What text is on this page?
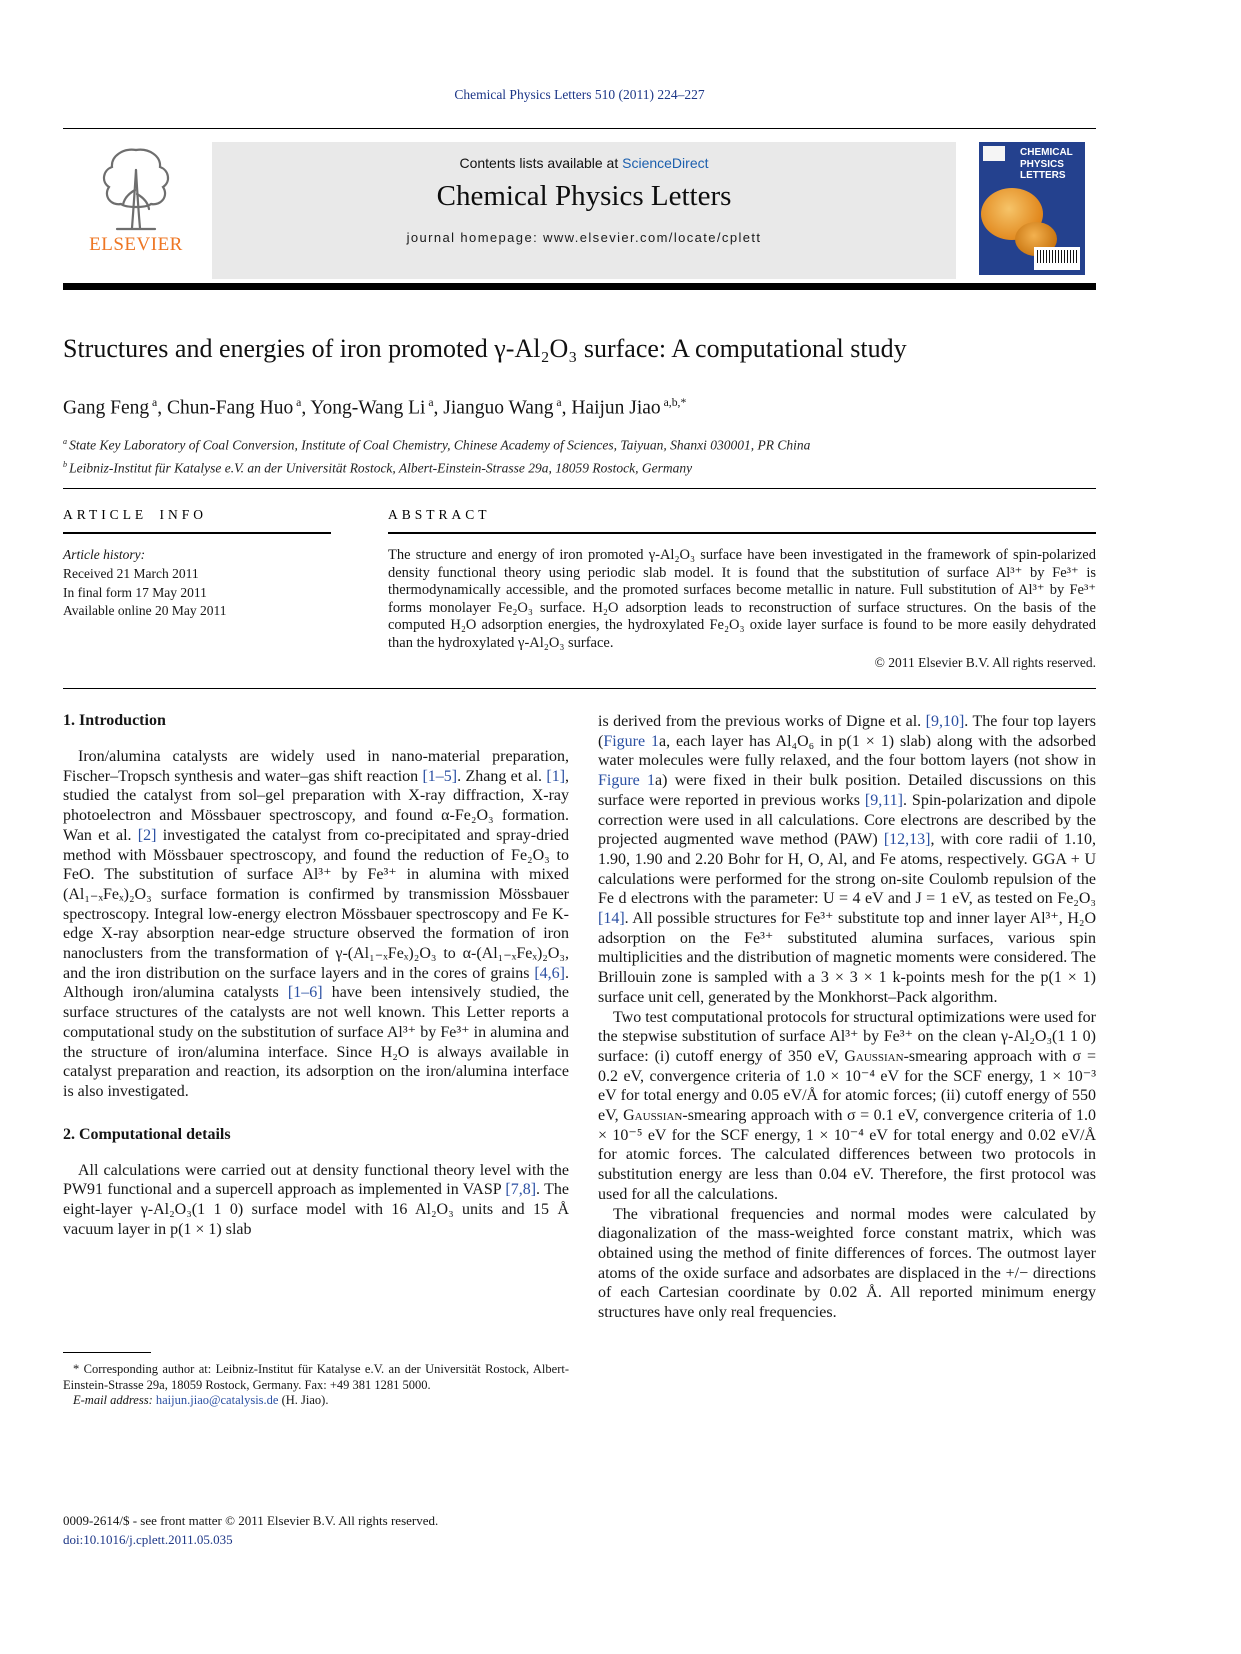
Chemical Physics Letters 510 (2011) 224–227
ELSEVIER
Contents lists available at ScienceDirect
Chemical Physics Letters
journal homepage: www.elsevier.com/locate/cplett
CHEMICAL PHYSICS LETTERS
Structures and energies of iron promoted γ-Al₂O₃ surface: A computational study
Gang Feng $^a$, Chun-Fang Huo $^a$, Yong-Wang Li $^a$, Jianguo Wang $^a$, Haijun Jiao $^{a,b,*}$
$^a$ State Key Laboratory of Coal Conversion, Institute of Coal Chemistry, Chinese Academy of Sciences, Taiyuan, Shanxi 030001, PR China
$^b$ Leibniz-Institut für Katalyse e.V. an der Universität Rostock, Albert-Einstein-Strasse 29a, 18059 Rostock, Germany
ARTICLE INFO
Article history:
Received 21 March 2011
In final form 17 May 2011
Available online 20 May 2011
ABSTRACT

The structure and energy of iron promoted γ-Al₂O₃ surface have been investigated in the framework of spin-polarized density functional theory using periodic slab model. It is found that the substitution of surface Al³⁺ by Fe³⁺ is thermodynamically accessible, and the promoted surfaces become metallic in nature. Full substitution of Al³⁺ by Fe³⁺ forms monolayer Fe₂O₃ surface. H₂O adsorption leads to reconstruction of surface structures. On the basis of the computed H₂O adsorption energies, the hydroxylated Fe₂O₃ oxide layer surface is found to be more easily dehydrated than the hydroxylated γ-Al₂O₃ surface.

© 2011 Elsevier B.V. All rights reserved.
1. Introduction

Iron/alumina catalysts are widely used in nano-material preparation, Fischer–Tropsch synthesis and water–gas shift reaction [1–5]. Zhang et al. [1], studied the catalyst from sol–gel preparation with X-ray diffraction, X-ray photoelectron and Mössbauer spectroscopy, and found α-Fe₂O₃ formation. Wan et al. [2] investigated the catalyst from co-precipitated and spray-dried method with Mössbauer spectroscopy, and found the reduction of Fe₂O₃ to FeO. The substitution of surface Al³⁺ by Fe³⁺ in alumina with mixed (Al₁₋ₓFeₓ)₂O₃ surface formation is confirmed by transmission Mössbauer spectroscopy. Integral low-energy electron Mössbauer spectroscopy and Fe K-edge X-ray absorption near-edge structure observed the formation of iron nanoclusters from the transformation of γ-(Al₁₋ₓFeₓ)₂O₃ to α-(Al₁₋ₓFeₓ)₂O₃, and the iron distribution on the surface layers and in the cores of grains [4,6]. Although iron/alumina catalysts [1–6] have been intensively studied, the surface structures of the catalysts are not well known. This Letter reports a computational study on the substitution of surface Al³⁺ by Fe³⁺ in alumina and the structure of iron/alumina interface. Since H₂O is always available in catalyst preparation and reaction, its adsorption on the iron/alumina interface is also investigated.

2. Computational details

All calculations were carried out at density functional theory level with the PW91 functional and a supercell approach as implemented in VASP [7,8]. The eight-layer γ-Al₂O₃(1 1 0) surface model with 16 Al₂O₃ units and 15 Å vacuum layer in p(1 × 1) slab

is derived from the previous works of Digne et al. [9,10]. The four top layers (Figure 1a, each layer has Al₄O₆ in p(1 × 1) slab) along with the adsorbed water molecules were fully relaxed, and the four bottom layers (not show in Figure 1a) were fixed in their bulk position. Detailed discussions on this surface were reported in previous works [9,11]. Spin-polarization and dipole correction were used in all calculations. Core electrons are described by the projected augmented wave method (PAW) [12,13], with core radii of 1.10, 1.90, 1.90 and 2.20 Bohr for H, O, Al, and Fe atoms, respectively. GGA + U calculations were performed for the strong on-site Coulomb repulsion of the Fe d electrons with the parameter: U = 4 eV and J = 1 eV, as tested on Fe₂O₃ [14]. All possible structures for Fe³⁺ substitute top and inner layer Al³⁺, H₂O adsorption on the Fe³⁺ substituted alumina surfaces, various spin multiplicities and the distribution of magnetic moments were considered. The Brillouin zone is sampled with a 3 × 3 × 1 k-points mesh for the p(1 × 1) surface unit cell, generated by the Monkhorst–Pack algorithm.

Two test computational protocols for structural optimizations were used for the stepwise substitution of surface Al³⁺ by Fe³⁺ on the clean γ-Al₂O₃(1 1 0) surface: (i) cutoff energy of 350 eV, Gaussian-smearing approach with σ = 0.2 eV, convergence criteria of 1.0 × 10⁻⁴ eV for the SCF energy, 1 × 10⁻³ eV for total energy and 0.05 eV/Å for atomic forces; (ii) cutoff energy of 550 eV, Gaussian-smearing approach with σ = 0.1 eV, convergence criteria of 1.0 × 10⁻⁵ eV for the SCF energy, 1 × 10⁻⁴ eV for total energy and 0.02 eV/Å for atomic forces. The calculated differences between two protocols in substitution energy are less than 0.04 eV. Therefore, the first protocol was used for all the calculations.

The vibrational frequencies and normal modes were calculated by diagonalization of the mass-weighted force constant matrix, which was obtained using the method of finite differences of forces. The outmost layer atoms of the oxide surface and adsorbates are displaced in the +/− directions of each Cartesian coordinate by 0.02 Å. All reported minimum energy structures have only real frequencies.

* Corresponding author at: Leibniz-Institut für Katalyse e.V. an der Universität Rostock, Albert-Einstein-Strasse 29a, 18059 Rostock, Germany. Fax: +49 381 1281 5000.

E-mail address: haijun.jiao@catalysis.de (H. Jiao).

0009-2614/$ - see front matter © 2011 Elsevier B.V. All rights reserved.
doi:10.1016/j.cplett.2011.05.035
